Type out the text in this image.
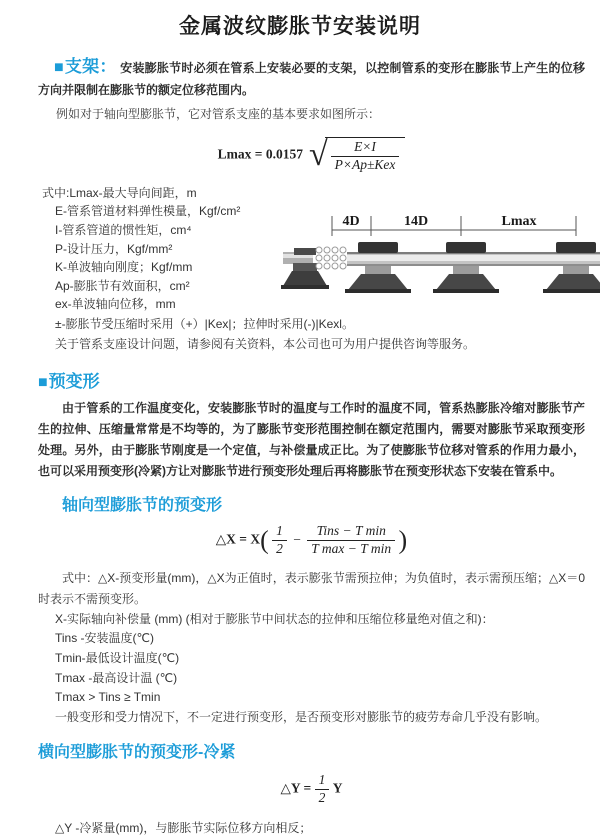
金属波纹膨胀节安装说明
■支架： 安装膨胀节时必须在管系上安装必要的支架，以控制管系的变形在膨胀节上产生的位移方向并限制在膨胀节的额定位移范围内。
例如对于轴向型膨胀节，它对管系支座的基本要求如图所示：
Lmax = 0.0157 √ $\frac{E\times I}{\text{P×Ap±Kex}}$
式中:Lmax-最大导向间距，m
E-管系管道材料弹性模量，Kgf/cm²
I-管系管道的惯性矩，cm⁴
P-设计压力，Kgf/mm²
K-单波轴向刚度；Kgf/mm
Ap-膨胀节有效面积，cm²
ex-单波轴向位移，mm
±-膨胀节受压缩时采用（+）|Kex|；拉伸时采用(-)|Kexl。
关于管系支座设计问题，请参阅有关资料，本公司也可为用户提供咨询等服务。
4D	14D	Lmax
■预变形
由于管系的工作温度变化，安装膨胀节时的温度与工作时的温度不同，管系热膨胀冷缩对膨胀节产生的拉伸、压缩量常常是不均等的，为了膨胀节变形范围控制在额定范围内，需要对膨胀节采取预变形处理。另外，由于膨胀节刚度是一个定值，与补偿量成正比。为了使膨胀节位移对管系的作用力最小，也可以采用预变形(冷紧)方让对膨胀节进行预变形处理后再将膨胀节在预变形状态下安装在管系中。
轴向型膨胀节的预变形
△X = $X( \frac{1}{2} - \frac{\text{Tins − T min}}{\text{T max − T min}}$ )
式中：△X-预变形量(mm)，△X为正值时，表示膨张节需预拉伸；为负值时，表示需预压缩；△X＝0时表示不需预变形。
X-实际轴向补偿量 (mm) (相对于膨胀节中间状态的拉伸和压缩位移量绝对值之和)：
Tins -安装温度(℃)
Tmin-最低设计温度(℃)
Tmax -最高设计温 (℃)
Tmax > Tins ≥ Tmin
一般变形和受力情况下，不一定进行预变形，是否预变形对膨胀节的疲劳寿命几乎没有影响。
横向型膨胀节的预变形-冷紧
△Y = $\frac{1}{2}$ Y
△Y -冷紧量(mm)，与膨胀节实际位移方向相反；
